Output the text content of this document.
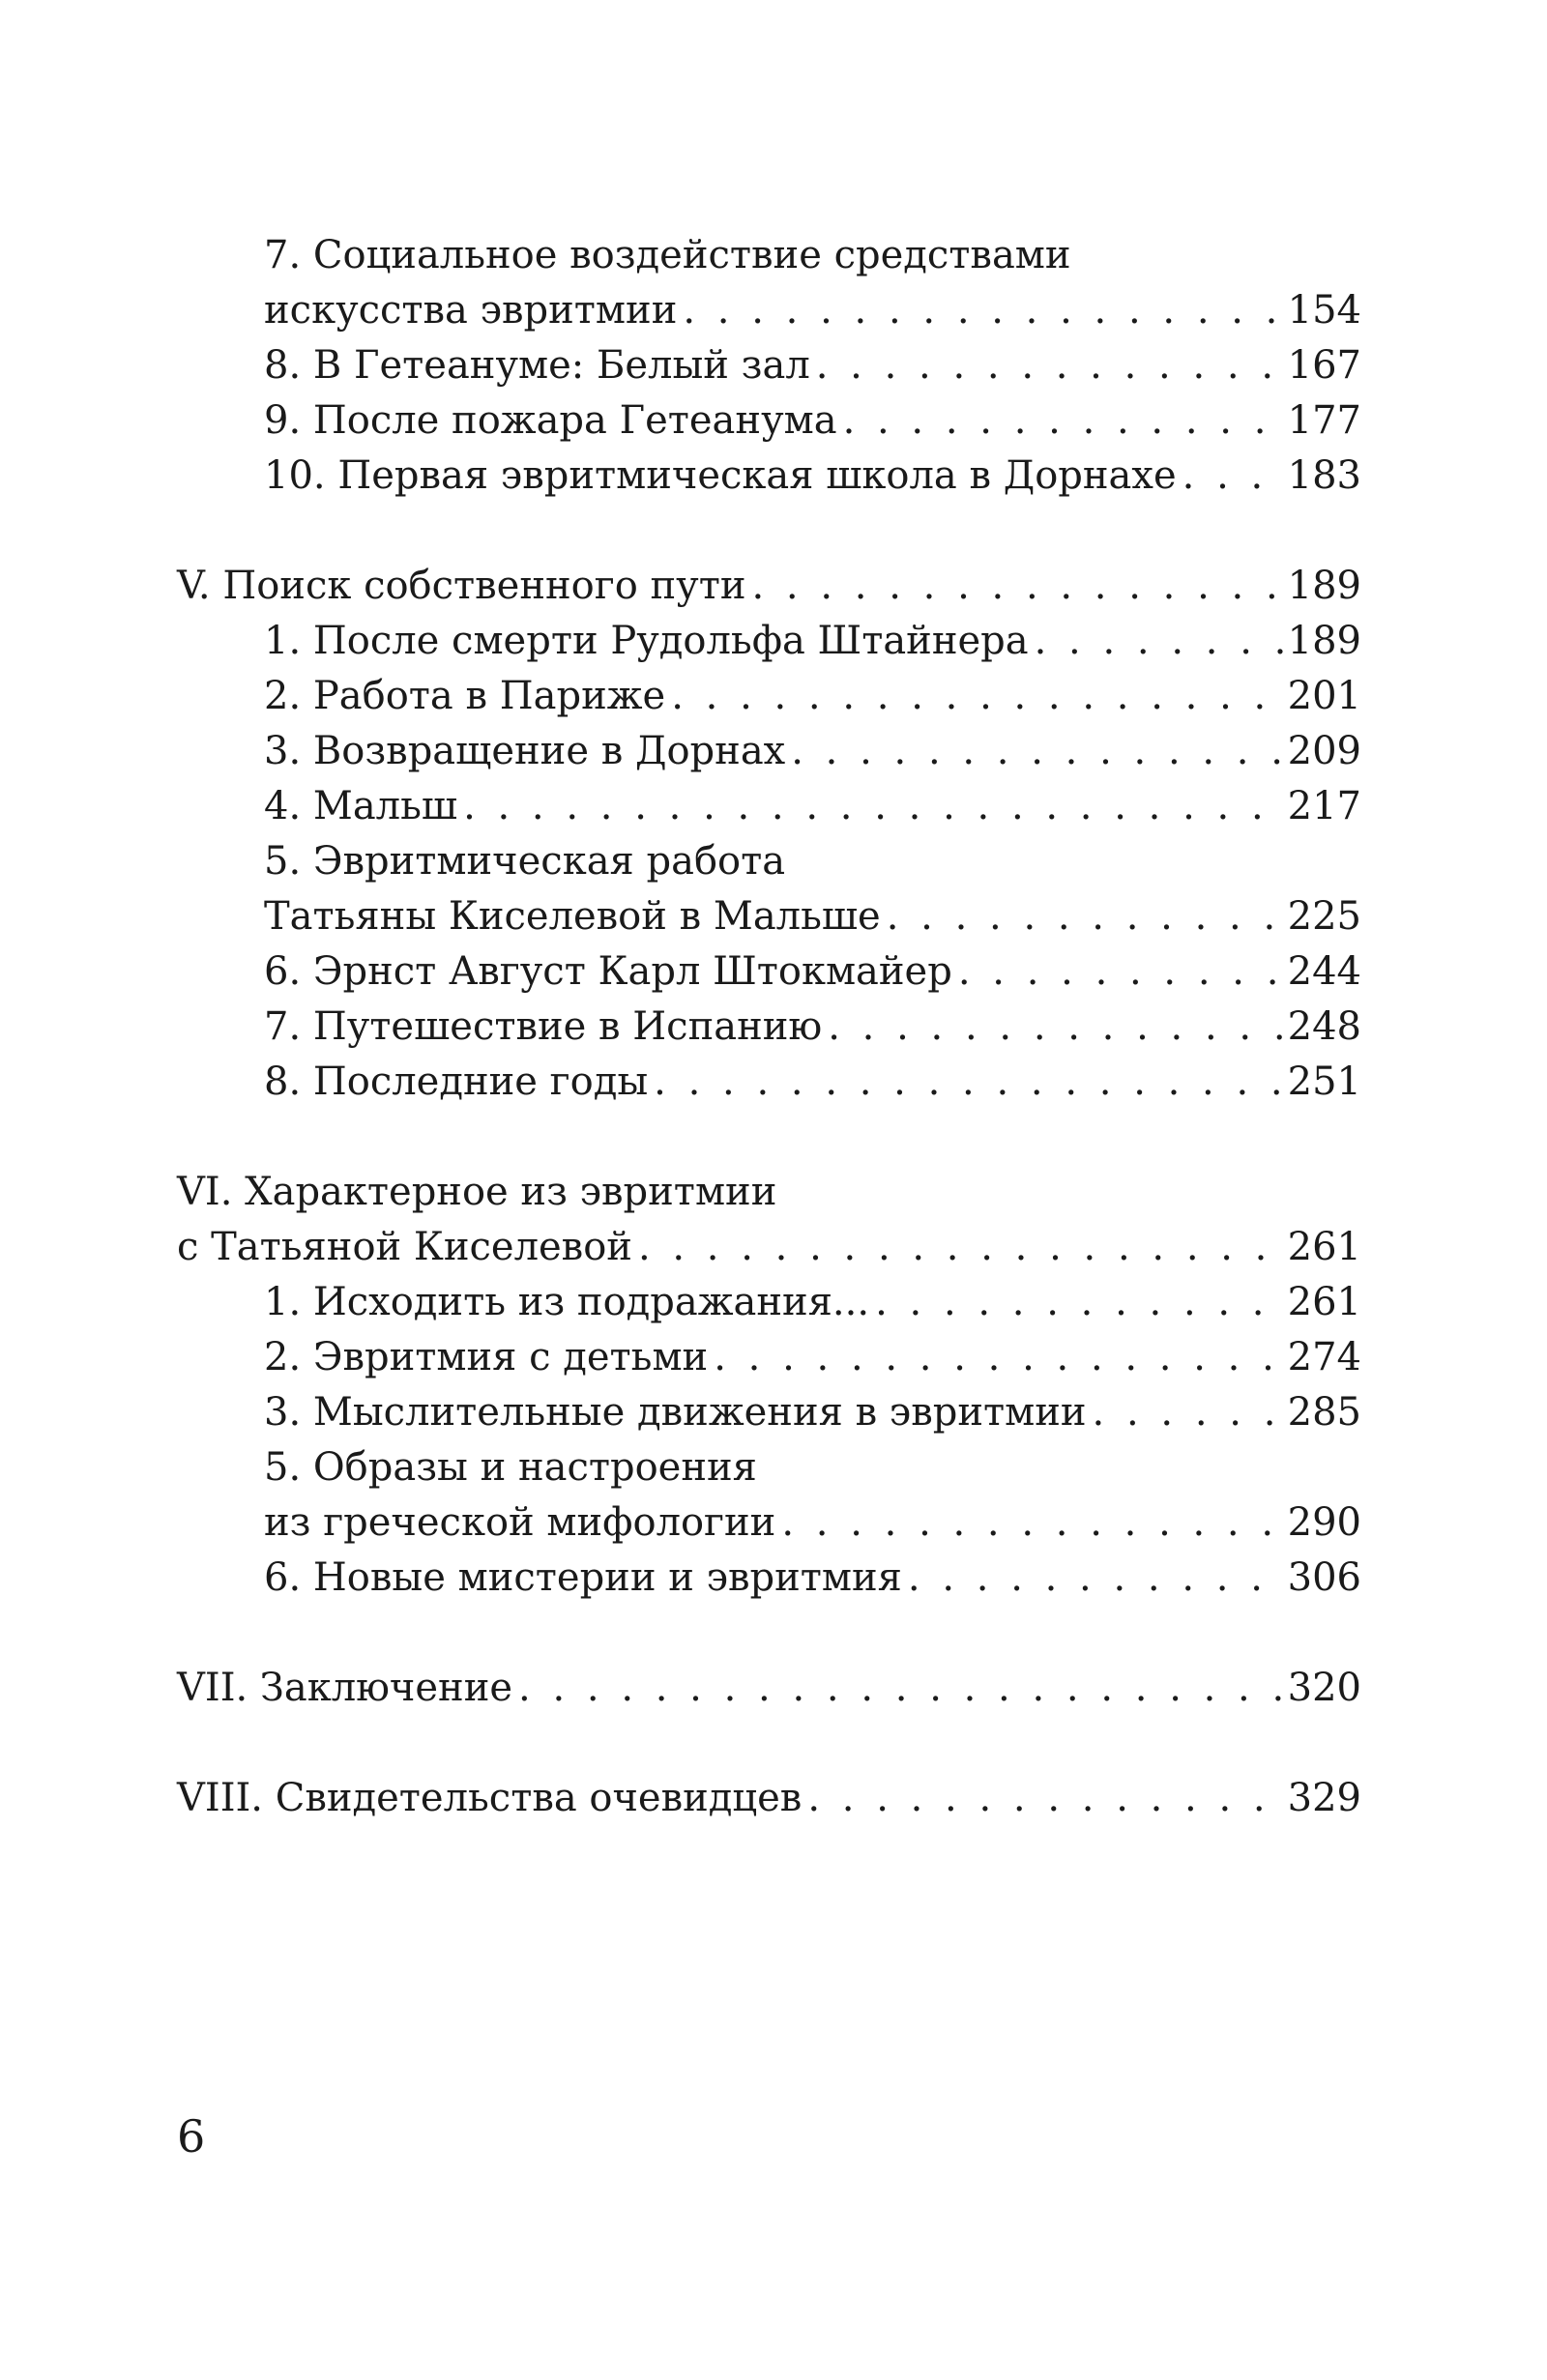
7. Социальное воздействие средствами
искусства эвритмии . . .	154
8. В Гетеануме: Белый зал . . .	167
9. После пожара Гетеанума . . .	177
10. Первая эвритмическая школа в Дорнахе . . .	183
V. Поиск собственного пути . . .	189
1. После смерти Рудольфа Штайнера . . .	189
2. Работа в Париже . . .	201
3. Возвращение в Дорнах . . .	209
4. Мальш . . .	217
5. Эвритмическая работа
Татьяны Киселевой в Мальше . . .	225
6. Эрнст Август Карл Штокмайер . . .	244
7. Путешествие в Испанию . . .	248
8. Последние годы . . .	251
VI. Характерное из эвритмии
с Татьяной Киселевой . . .	261
1. Исходить из подражания... . . .	261
2. Эвритмия с детьми . . .	274
3. Мыслительные движения в эвритмии . . .	285
5. Образы и настроения
из греческой мифологии . . .	290
6. Новые мистерии и эвритмия . . .	306
VII. Заключение . . .	320
VIII. Свидетельства очевидцев . . .	329
6
